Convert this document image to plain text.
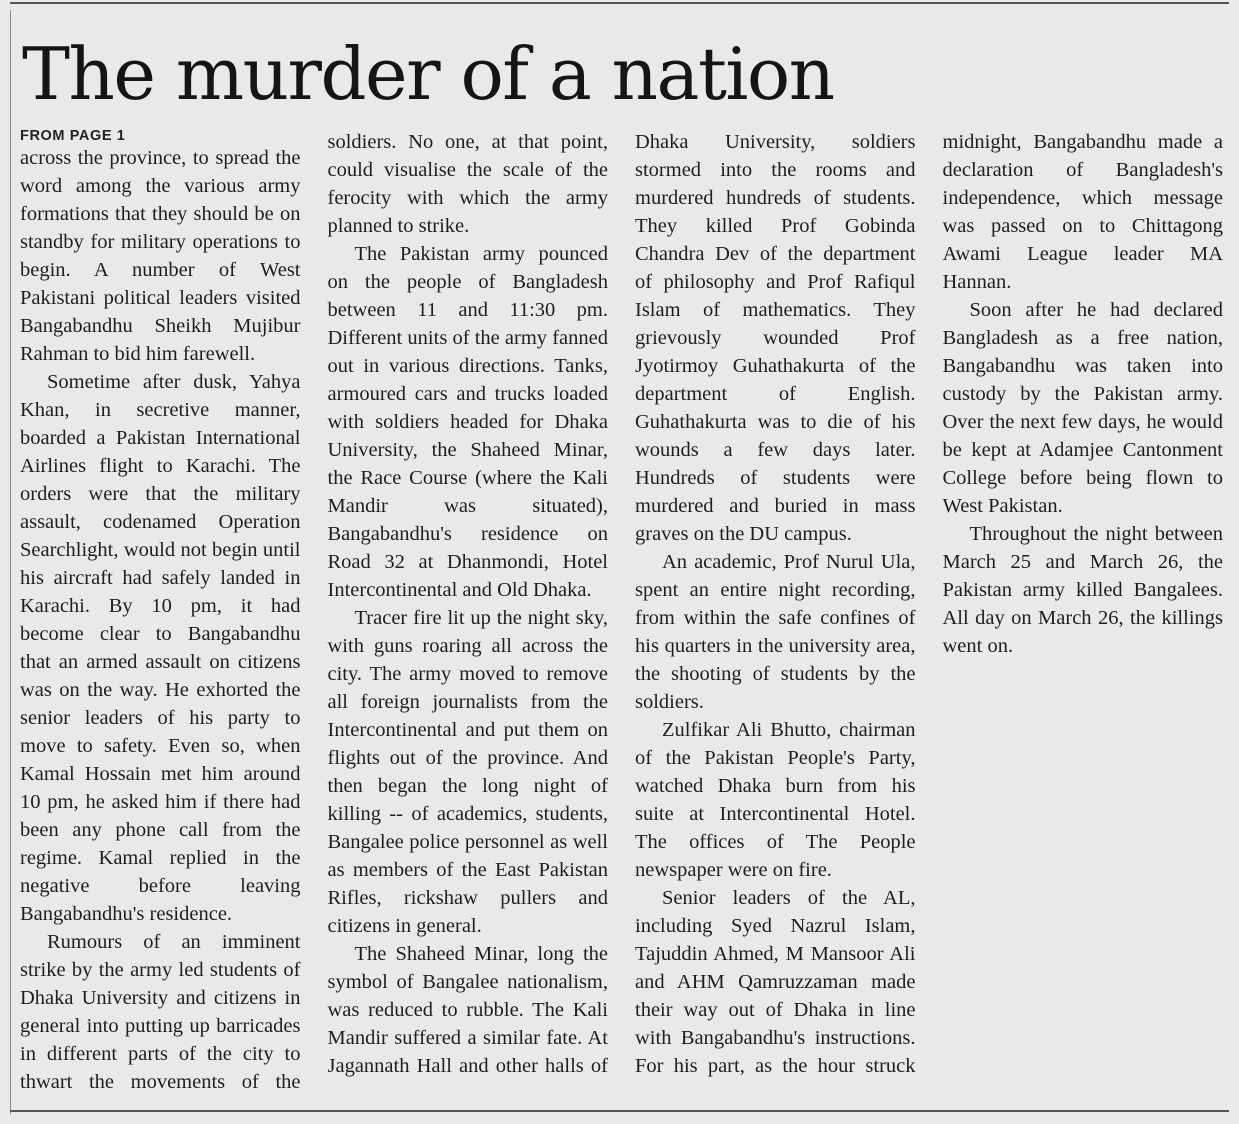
The murder of a nation
FROM PAGE 1

across the province, to spread the word among the various army formations that they should be on standby for military operations to begin. A number of West Pakistani political leaders visited Bangabandhu Sheikh Mujibur Rahman to bid him farewell.

Sometime after dusk, Yahya Khan, in secretive manner, boarded a Pakistan International Airlines flight to Karachi. The orders were that the military assault, codenamed Operation Searchlight, would not begin until his aircraft had safely landed in Karachi. By 10 pm, it had become clear to Bangabandhu that an armed assault on citizens was on the way. He exhorted the senior leaders of his party to move to safety. Even so, when Kamal Hossain met him around 10 pm, he asked him if there had been any phone call from the regime. Kamal replied in the negative before leaving Bangabandhu's residence.

Rumours of an imminent strike by the army led students of Dhaka University and citizens in general into putting up barricades in different parts of the city to thwart the movements of the soldiers. No one, at that point, could visualise the scale of the ferocity with which the army planned to strike.

The Pakistan army pounced on the people of Bangladesh between 11 and 11:30 pm. Different units of the army fanned out in various directions. Tanks, armoured cars and trucks loaded with soldiers headed for Dhaka University, the Shaheed Minar, the Race Course (where the Kali Mandir was situated), Bangabandhu's residence on Road 32 at Dhanmondi, Hotel Intercontinental and Old Dhaka.

Tracer fire lit up the night sky, with guns roaring all across the city. The army moved to remove all foreign journalists from the Intercontinental and put them on flights out of the province. And then began the long night of killing -- of academics, students, Bangalee police personnel as well as members of the East Pakistan Rifles, rickshaw pullers and citizens in general.

The Shaheed Minar, long the symbol of Bangalee nationalism, was reduced to rubble. The Kali Mandir suffered a similar fate. At Jagannath Hall and other halls of Dhaka University, soldiers stormed into the rooms and murdered hundreds of students. They killed Prof Gobinda Chandra Dev of the department of philosophy and Prof Rafiqul Islam of mathematics. They grievously wounded Prof Jyotirmoy Guhathakurta of the department of English. Guhathakurta was to die of his wounds a few days later. Hundreds of students were murdered and buried in mass graves on the DU campus.

An academic, Prof Nurul Ula, spent an entire night recording, from within the safe confines of his quarters in the university area, the shooting of students by the soldiers.

Zulfikar Ali Bhutto, chairman of the Pakistan People's Party, watched Dhaka burn from his suite at Intercontinental Hotel. The offices of The People newspaper were on fire.

Senior leaders of the AL, including Syed Nazrul Islam, Tajuddin Ahmed, M Mansoor Ali and AHM Qamruzzaman made their way out of Dhaka in line with Bangabandhu's instructions. For his part, as the hour struck midnight, Bangabandhu made a declaration of Bangladesh's independence, which message was passed on to Chittagong Awami League leader MA Hannan.

Soon after he had declared Bangladesh as a free nation, Bangabandhu was taken into custody by the Pakistan army. Over the next few days, he would be kept at Adamjee Cantonment College before being flown to West Pakistan.

Throughout the night between March 25 and March 26, the Pakistan army killed Bangalees. All day on March 26, the killings went on.
